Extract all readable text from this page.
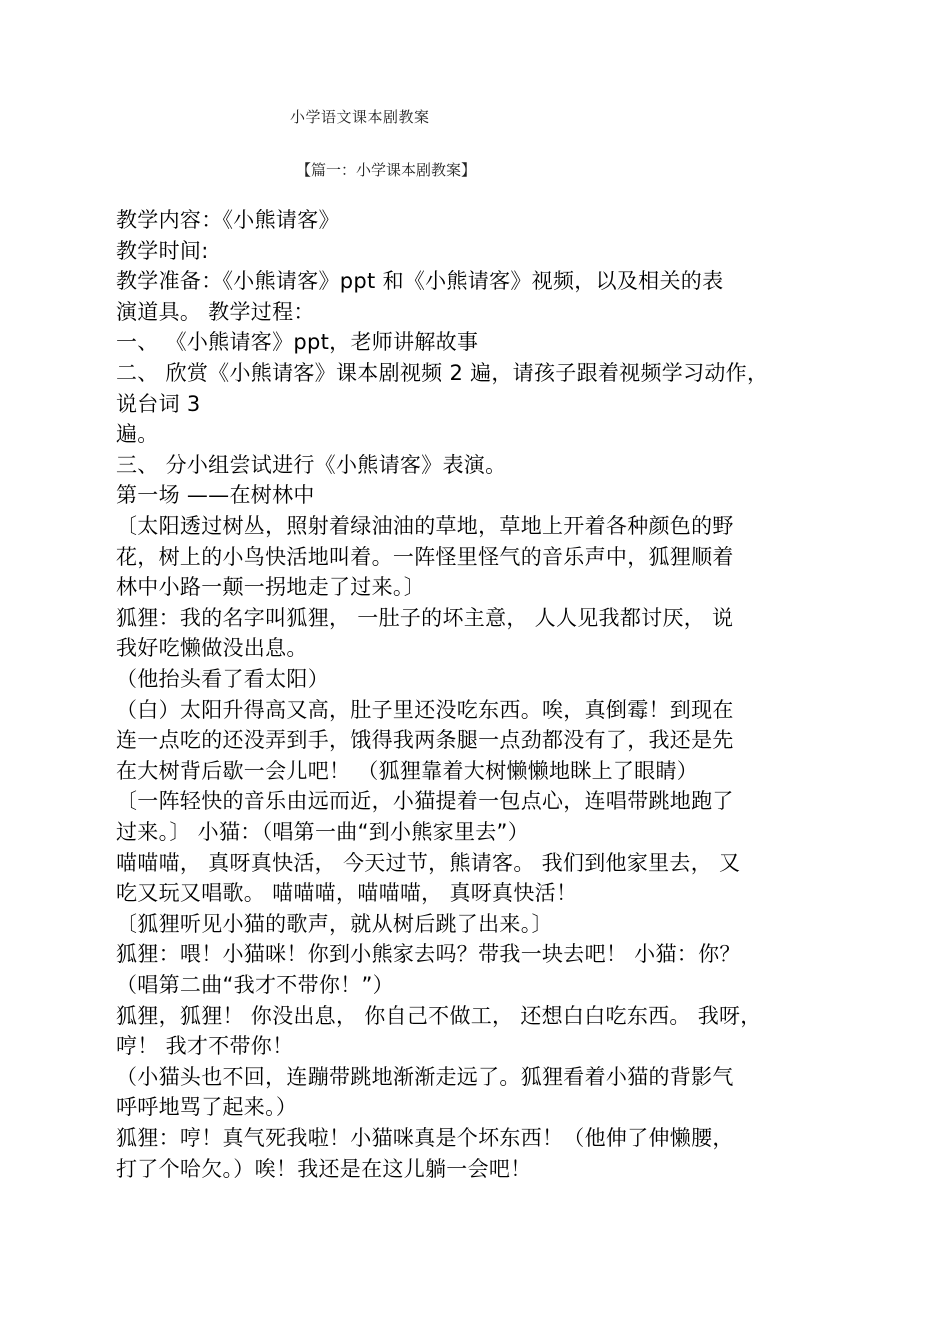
小学语文课本剧教案
【篇一：小学课本剧教案】
教学内容：《小熊请客》
教学时间:
教学准备：《小熊请客》ppt 和《小熊请客》视频，以及相关的表
演道具。 教学过程：
一、 《小熊请客》ppt，老师讲解故事
二、 欣赏《小熊请客》课本剧视频 2 遍，请孩子跟着视频学习动作，
说台词 3
遍。
三、 分小组尝试进行《小熊请客》表演。
第一场 ——在树林中
〔太阳透过树丛，照射着绿油油的草地，草地上开着各种颜色的野
花，树上的小鸟快活地叫着。一阵怪里怪气的音乐声中，狐狸顺着
林中小路一颠一拐地走了过来。〕
狐狸：我的名字叫狐狸， 一肚子的坏主意， 人人见我都讨厌， 说
我好吃懒做没出息。
（他抬头看了看太阳）
（白）太阳升得高又高，肚子里还没吃东西。唉，真倒霉！到现在
连一点吃的还没弄到手，饿得我两条腿一点劲都没有了，我还是先
在大树背后歇一会儿吧！ （狐狸靠着大树懒懒地眯上了眼睛）
〔一阵轻快的音乐由远而近，小猫提着一包点心，连唱带跳地跑了
过来。〕 小猫：（唱第一曲“到小熊家里去”）
喵喵喵， 真呀真快活， 今天过节，熊请客。 我们到他家里去， 又
吃又玩又唱歌。 喵喵喵，喵喵喵， 真呀真快活！
〔狐狸听见小猫的歌声，就从树后跳了出来。〕
狐狸：喂！小猫咪！你到小熊家去吗？带我一块去吧！ 小猫：你？
（唱第二曲“我才不带你！”）
狐狸，狐狸！ 你没出息， 你自己不做工， 还想白白吃东西。 我呀，
哼！ 我才不带你！
（小猫头也不回，连蹦带跳地渐渐走远了。狐狸看着小猫的背影气
呼呼地骂了起来。）
狐狸：哼！真气死我啦！小猫咪真是个坏东西！（他伸了伸懒腰，
打了个哈欠。）唉！我还是在这儿躺一会吧！
